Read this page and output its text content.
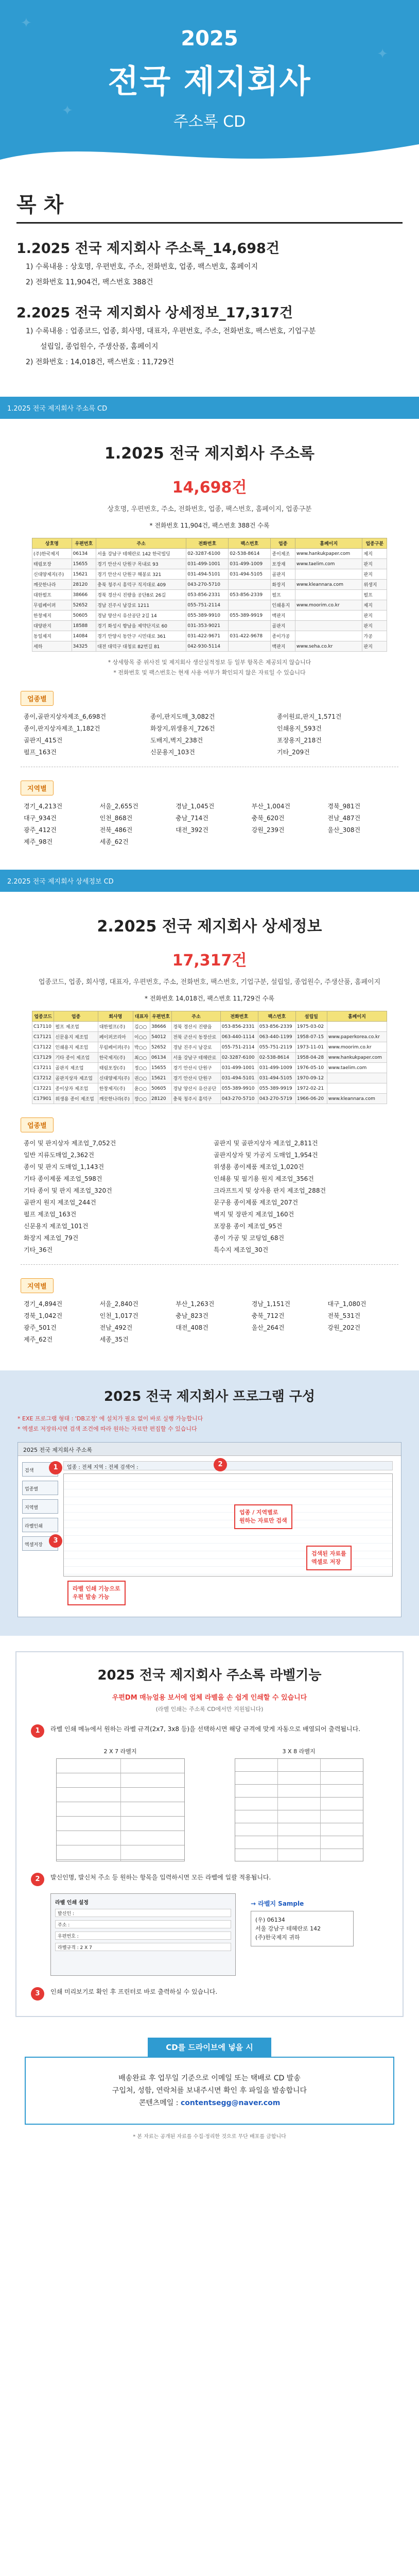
✦
✦
✦
2025
전국 제지회사
주소록 CD
목 차
1.2025 전국 제지회사 주소록_14,698건
1) 수록내용 : 상호명, 우편번호, 주소, 전화번호, 업종, 팩스번호, 홈페이지
2) 전화번호 11,904건, 팩스번호 388건
2.2025 전국 제지회사 상세정보_17,317건
1) 수록내용 : 업종코드, 업종, 회사명, 대표자, 우편번호, 주소, 전화번호, 팩스번호, 기업구분
설립일, 종업원수, 주생산품, 홈페이지
2) 전화번호 : 14,018건, 팩스번호 : 11,729건
1.2025 전국 제지회사 주소록 CD
1.2025 전국 제지회사 주소록
14,698건
상호명, 우편번호, 주소, 전화번호, 업종, 팩스번호, 홈페이지, 업종구분
* 전화번호 11,904건, 팩스번호 388건 수록
상호명	우편번호	주소	전화번호	팩스번호	업종	홈페이지	업종구분
(주)한국제지	06134	서울 강남구 테헤란로 142 한국빌딩	02-3287-6100	02-538-8614	종이제조	www.hankukpaper.com	제지
태림포장	15655	경기 안산시 단원구 목내로 93	031-499-1001	031-499-1009	포장재	www.taelim.com	판지
신대양제지(주)	15621	경기 안산시 단원구 해봉로 321	031-494-5101	031-494-5105	골판지		판지
깨끗한나라	28120	충북 청주시 흥덕구 직지대로 409	043-270-5710		화장지	www.kleannara.com	위생지
대한펄프	38666	경북 경산시 진량읍 공단8로 26길	053-856-2331	053-856-2339	펄프		펄프
무림페이퍼	52652	경남 진주시 남강로 1211	055-751-2114		인쇄용지	www.moorim.co.kr	제지
한창제지	50605	경남 양산시 유산공단 2길 14	055-389-9910	055-389-9919	백판지		판지
대양판지	18588	경기 화성시 향남읍 제약단지로 60	031-353-9021		골판지		판지
동일제지	14084	경기 안양시 동안구 시민대로 361	031-422-9671	031-422-9678	종이가공		가공
세하	34325	대전 대덕구 대청로 82번길 81	042-930-5114		백판지	www.seha.co.kr	판지
* 상세항목 중 위사진 및 제지회사 생산실적정보 등 일부 항목은 제공되지 않습니다
* 전화번호 및 팩스번호는 현재 사용 여부가 확인되지 않은 자료일 수 있습니다
업종별
종이,골판지상자제조_6,698건	종이,판지도매_3,082건	종이원료,판지_1,571건
종이,판지상자제조_1,182건	화장지,위생용지_726건	인쇄용지_593건
골판지_415건	도배지,벽지_238건	포장용지_218건
펄프_163건	신문용지_103건	기타_209건
지역별
경기_4,213건	서울_2,655건	경남_1,045건	부산_1,004건	경북_981건
대구_934건	인천_868건	충남_714건	충북_620건	전남_487건
광주_412건	전북_486건	대전_392건	강원_239건	울산_308건
제주_98건	세종_62건
2.2025 전국 제지회사 상세정보 CD
2.2025 전국 제지회사 상세정보
17,317건
업종코드, 업종, 회사명, 대표자, 우편번호, 주소, 전화번호, 팩스번호, 기업구분, 설립일, 종업원수, 주생산품, 홈페이지
* 전화번호 14,018건, 팩스번호 11,729건 수록
업종코드	업종	회사명	대표자	우편번호	주소	전화번호	팩스번호	설립일	홈페이지
C17110	펄프 제조업	대한펄프(주)	김○○	38666	경북 경산시 진량읍	053-856-2331	053-856-2339	1975-03-02	
C17121	신문용지 제조업	페이퍼코리아	이○○	54012	전북 군산시 동장산로	063-440-1114	063-440-1199	1958-07-15	www.paperkorea.co.kr
C17122	인쇄용지 제조업	무림페이퍼(주)	박○○	52652	경남 진주시 남강로	055-751-2114	055-751-2119	1973-11-01	www.moorim.co.kr
C17129	기타 종이 제조업	한국제지(주)	최○○	06134	서울 강남구 테헤란로	02-3287-6100	02-538-8614	1958-04-28	www.hankukpaper.com
C17211	골판지 제조업	태림포장(주)	정○○	15655	경기 안산시 단원구	031-499-1001	031-499-1009	1976-05-10	www.taelim.com
C17212	골판지상자 제조업	신대양제지(주)	권○○	15621	경기 안산시 단원구	031-494-5101	031-494-5105	1970-09-12	
C17221	종이상자 제조업	한창제지(주)	윤○○	50605	경남 양산시 유산공단	055-389-9910	055-389-9919	1972-02-21	
C17901	위생용 종이 제조업	깨끗한나라(주)	장○○	28120	충북 청주시 흥덕구	043-270-5710	043-270-5719	1966-06-20	www.kleannara.com
업종별
종이 및 판지상자 제조업_7,052건	골판지 및 골판지상자 제조업_2,811건
일반 지류도매업_2,362건	골판지상자 및 가공지 도매업_1,954건
종이 및 판지 도매업_1,143건	위생용 종이제품 제조업_1,020건
기타 종이제품 제조업_598건	인쇄용 및 필기용 원지 제조업_356건
기타 종이 및 판지 제조업_320건	크라프트지 및 상자용 판지 제조업_288건
골판지 원지 제조업_244건	문구용 종이제품 제조업_207건
펄프 제조업_163건	벽지 및 장판지 제조업_160건
신문용지 제조업_101건	포장용 종이 제조업_95건
화장지 제조업_79건	종이 가공 및 코팅업_68건
기타_36건	특수지 제조업_30건
지역별
경기_4,894건	서울_2,840건	부산_1,263건	경남_1,151건	대구_1,080건
경북_1,042건	인천_1,017건	충남_823건	충북_712건	전북_531건
광주_501건	전남_492건	대전_408건	울산_264건	강원_202건
제주_62건	세종_35건
2025 전국 제지회사 프로그램 구성
* EXE 프로그램 형태 : 'DB고정' 에 설치가 필요 없이 바로 실행 가능합니다
* 엑셀로 저장하시면 검색 조건에 따라 원하는 자료만 편집할 수 있습니다
2025 전국 제지회사 주소록
검색
업종별
지역별
라벨인쇄
엑셀저장
업종 : 전체 지역 : 전체 검색어 :
1	2
3
업종 / 지역별로
원하는 자료만 검색
검색된 자료를
엑셀로 저장
라벨 인쇄 기능으로
우편 발송 가능
2025 전국 제지회사 주소록 라벨기능
우편DM 매뉴얼용 보서에 업체 라벨을 손 쉽게 인쇄할 수 있습니다
(라벨 인쇄는 주소록 CD에서만 지원됩니다)
1	라벨 인쇄 메뉴에서 원하는 라벨 규격(2x7, 3x8 등)을 선택하시면 해당 규격에 맞게 자동으로 배열되어 출력됩니다.
2 X 7 라벨지	3 X 8 라벨지
2	발신인명, 발신처 주소 등 원하는 항목을 입력하시면 모든 라벨에 일괄 적용됩니다.
라벨 인쇄 설정
발신인 :
주소 :
우편번호 :
라벨규격 : 2 X 7
→ 라벨지 Sample
(우) 06134
서울 강남구 테헤란로 142
(주)한국제지 귀하
3	인쇄 미리보기로 확인 후 프린터로 바로 출력하실 수 있습니다.
CD를 드라이브에 넣을 시
배송완료 후 업무일 기준으로 이메일 또는 택배로 CD 발송
구입처, 성함, 연락처를 보내주시면 확인 후 파일을 발송합니다
콘텐츠메일 : contentsegg@naver.com
* 본 자료는 공개된 자료를 수집·정리한 것으로 무단 배포를 금합니다
